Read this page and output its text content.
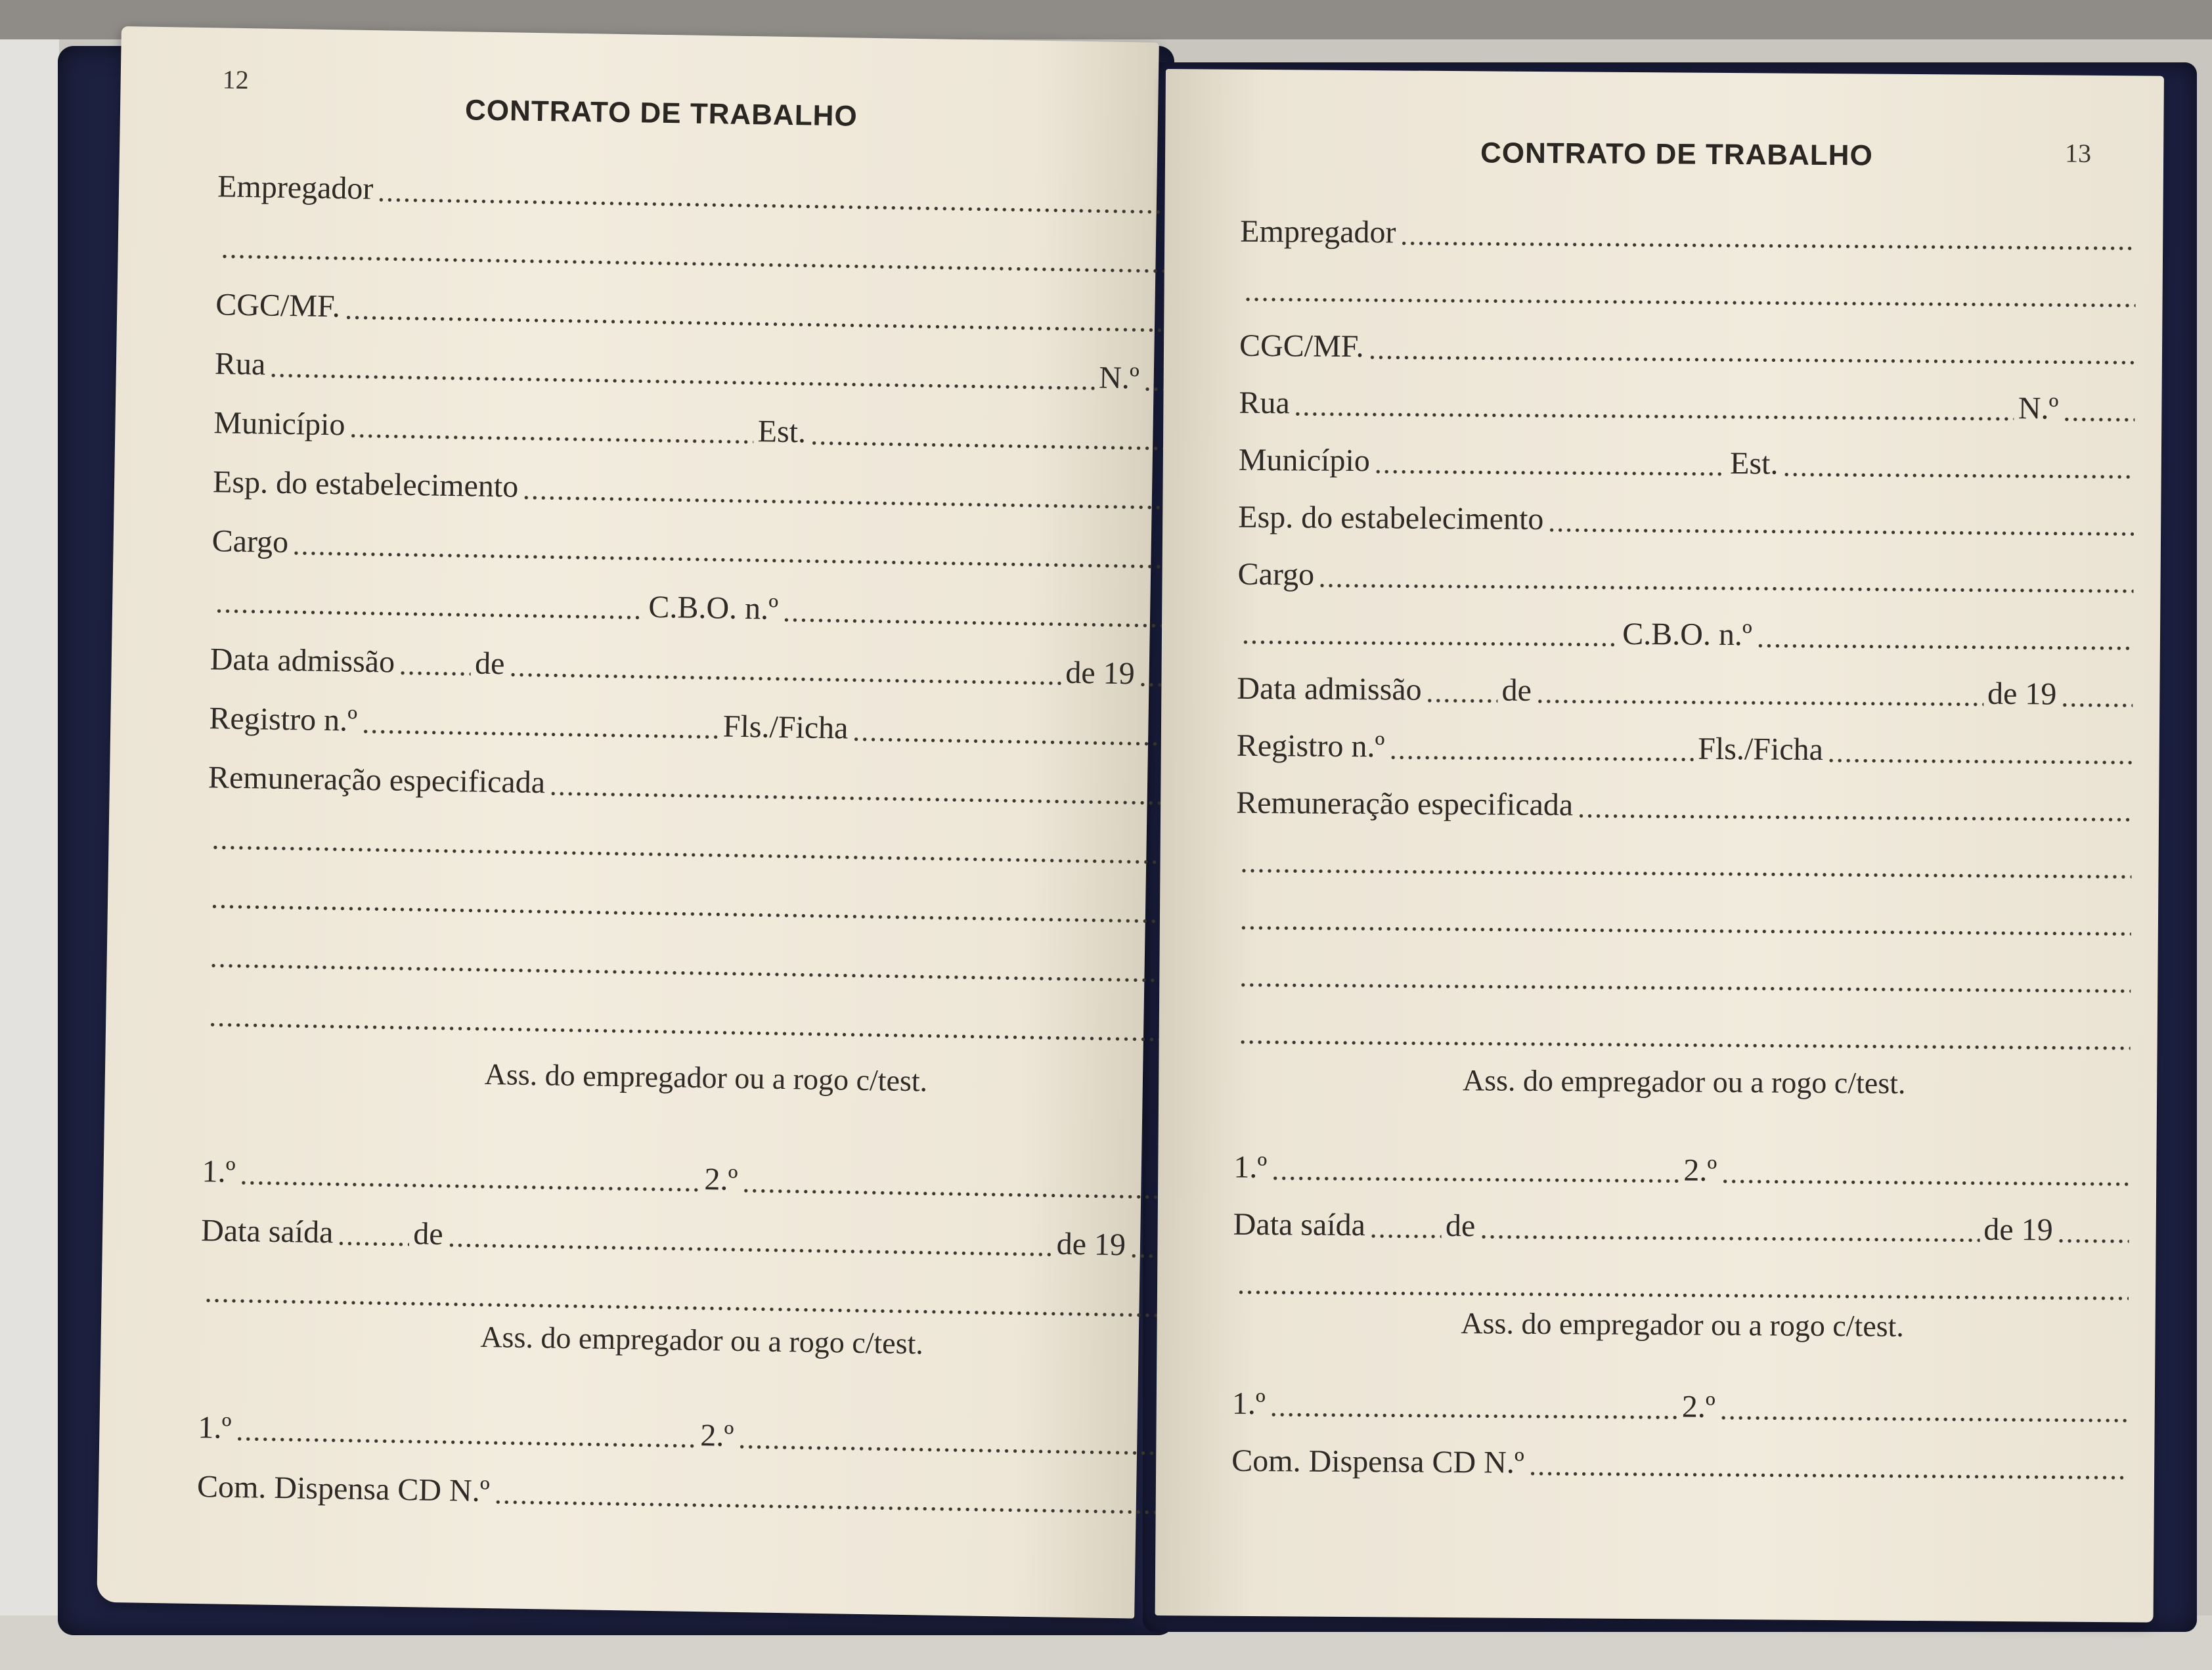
12
CONTRATO DE TRABALHO
Empregador
CGC/MF.
Rua	N.º
Município	Est.
Esp. do estabelecimento
Cargo
C.B.O. n.º
Data admissão	de	de 19
Registro n.º	Fls./Ficha
Remuneração especificada
Ass. do empregador ou a rogo c/test.
1.º	2.º
Data saída	de	de 19
Ass. do empregador ou a rogo c/test.
1.º	2.º
Com. Dispensa CD N.º
13
CONTRATO DE TRABALHO
Empregador
CGC/MF.
Rua	N.º
Município	Est.
Esp. do estabelecimento
Cargo
C.B.O. n.º
Data admissão	de	de 19
Registro n.º	Fls./Ficha
Remuneração especificada
Ass. do empregador ou a rogo c/test.
1.º	2.º
Data saída	de	de 19
Ass. do empregador ou a rogo c/test.
1.º	2.º
Com. Dispensa CD N.º
